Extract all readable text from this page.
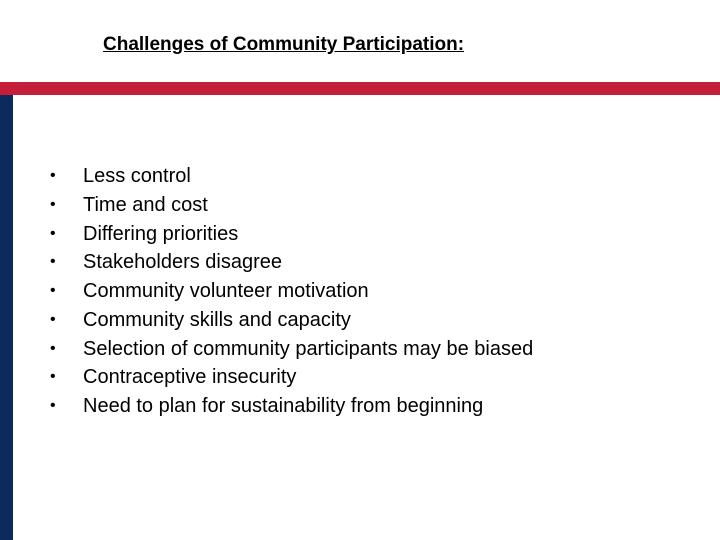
Challenges of Community Participation:
•	Less control
•	Time and cost
•	Differing priorities
•	Stakeholders disagree
•	Community volunteer motivation
•	Community skills and capacity
•	Selection of community participants may be biased
•	Contraceptive insecurity
•	Need to plan for sustainability from beginning
